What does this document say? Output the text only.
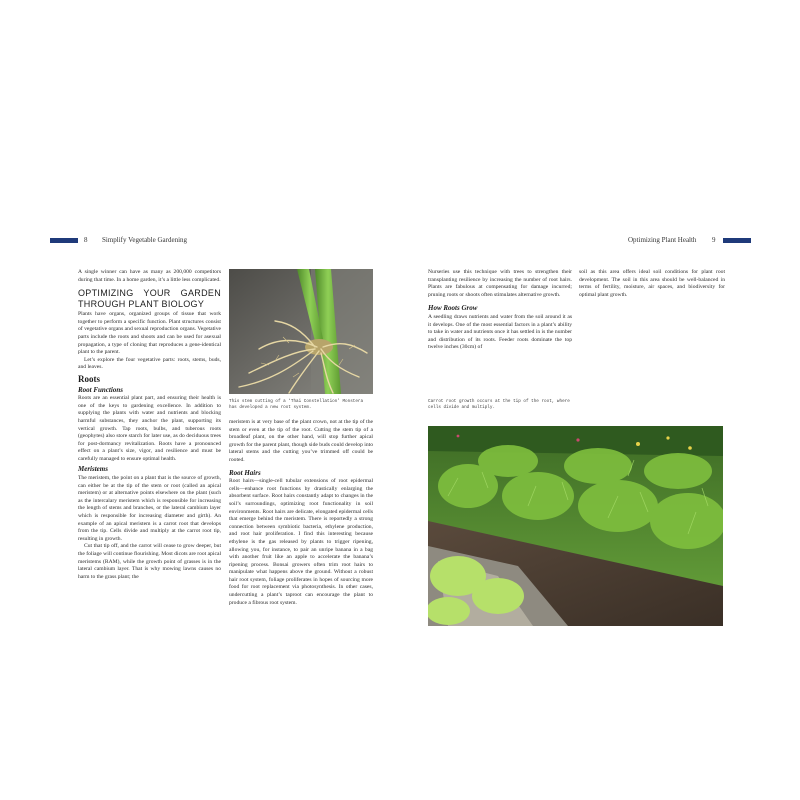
8 Simplify Vegetable Gardening	Optimizing Plant Health 9

A single winner can have as many as 200,000 competitors during that time. In a home garden, it’s a little less complicated.

OPTIMIZING YOUR GARDEN THROUGH PLANT BIOLOGY

Plants have organs, organized groups of tissue that work together to perform a specific function. Plant structures consist of vegetative organs and sexual reproduction organs. Vegetative parts include the roots and shoots and can be used for asexual propagation, a type of cloning that reproduces a gene-identical plant to the parent.

Let’s explore the four vegetative parts: roots, stems, buds, and leaves.

Roots
Root Functions

Roots are an essential plant part, and ensuring their health is one of the keys to gardening excellence. In addition to supplying the plants with water and nutrients and blocking harmful substances, they anchor the plant, supporting its vertical growth. Tap roots, bulbs, and tuberous roots (geophytes) also store starch for later use, as do deciduous trees for post-dormancy revitalization. Roots have a pronounced effect on a plant’s size, vigor, and resilience and must be carefully managed to ensure optimal health.

Meristems

The meristem, the point on a plant that is the source of growth, can either be at the tip of the stem or root (called an apical meristem) or at alternative points elsewhere on the plant (such as the intercalary meristem which is responsible for increasing the length of stems and branches, or the lateral cambium layer which is responsible for increasing diameter and girth). An example of an apical meristem is a carrot root that develops from the tip. Cells divide and multiply at the carrot root tip, resulting in growth.

Cut that tip off, and the carrot will cease to grow deeper, but the foliage will continue flourishing. Most dicots are root apical meristems (RAM), while the growth point of grasses is in the lateral cambium layer. That is why mowing lawns causes no harm to the grass plant; the

This stem cutting of a ‘Thai Constellation’ Monstera has developed a new root system.

meristem is at very base of the plant crown, not at the tip of the stem or even at the tip of the root. Cutting the stem tip of a broadleaf plant, on the other hand, will stop further apical growth for the parent plant, though side buds could develop into lateral stems and the cutting you’ve trimmed off could be rooted.

Root Hairs

Root hairs—single-cell tubular extensions of root epidermal cells—enhance root functions by drastically enlarging the absorbent surface. Root hairs constantly adapt to changes in the soil’s surroundings, optimizing root functionality in soil environments. Root hairs are delicate, elongated epidermal cells that emerge behind the meristem. There is reportedly a strong connection between symbiotic bacteria, ethylene production, and root hair proliferation. I find this interesting because ethylene is the gas released by plants to trigger ripening, allowing you, for instance, to pair an unripe banana in a bag with another fruit like an apple to accelerate the banana’s ripening process. Bonsai growers often trim root hairs to manipulate what happens above the ground. Without a robust hair root system, foliage proliferates in hopes of sourcing more food for root replacement via photosynthesis. In other cases, undercutting a plant’s taproot can encourage the plant to produce a fibrous root system.

Nurseries use this technique with trees to strengthen their transplanting resilience by increasing the number of root hairs. Plants are fabulous at compensating for damage incurred; pruning roots or shoots often stimulates alternative growth.

How Roots Grow

A seedling draws nutrients and water from the soil around it as it develops. One of the most essential factors in a plant’s ability to take in water and nutrients once it has settled in is the number and distribution of its roots. Feeder roots dominate the top twelve inches (30cm) of

Carrot root growth occurs at the tip of the root, where cells divide and multiply.

soil as this area offers ideal soil conditions for plant root development. The soil in this area should be well-balanced in terms of fertility, moisture, air spaces, and biodiversity for optimal plant growth.
